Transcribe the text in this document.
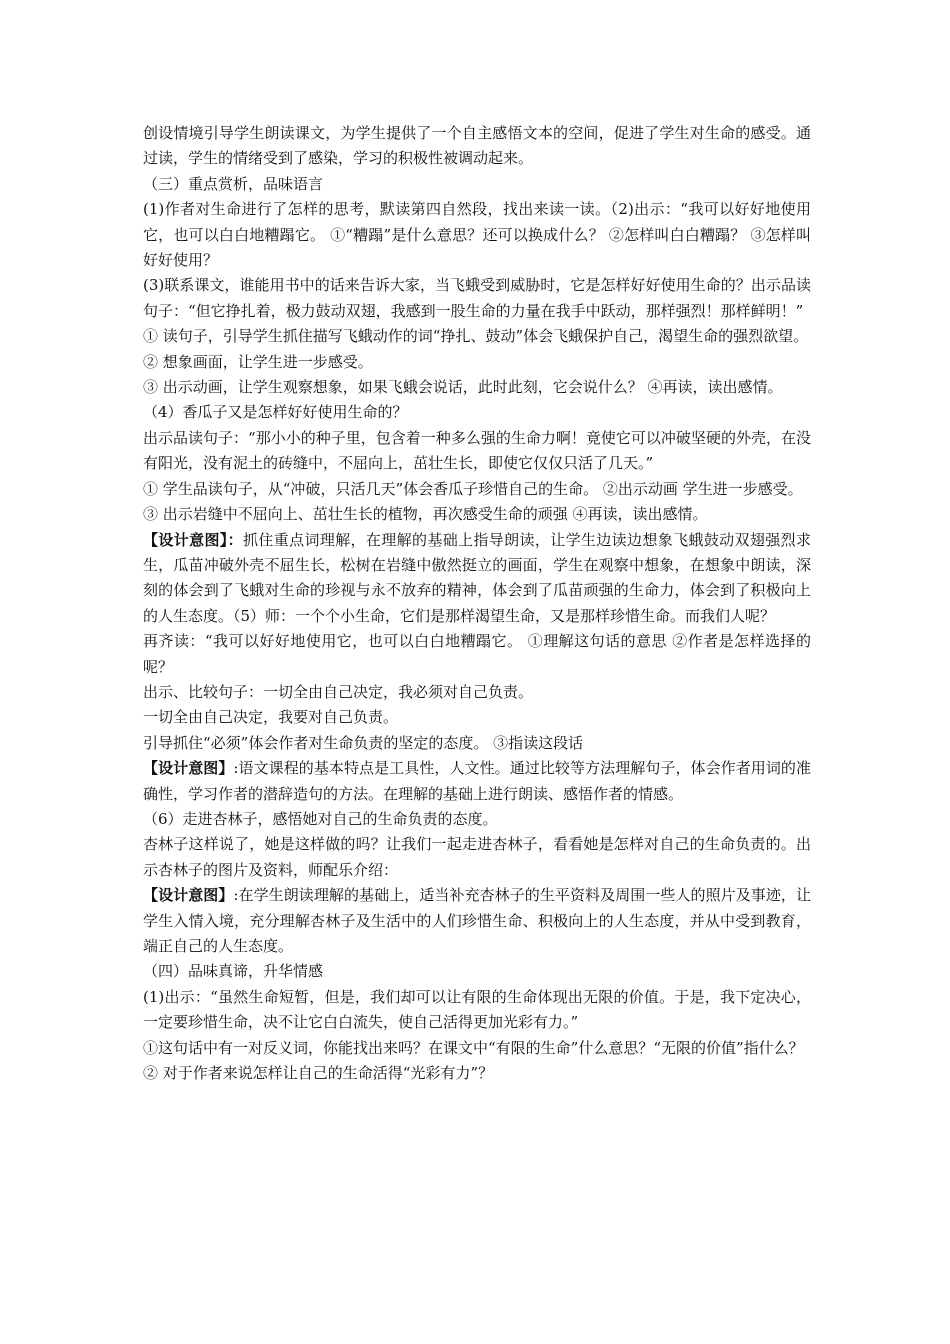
创设情境引导学生朗读课文，为学生提供了一个自主感悟文本的空间，促进了学生对生命的感受。通过读，学生的情绪受到了感染，学习的积极性被调动起来。

（三）重点赏析，品味语言

(1)作者对生命进行了怎样的思考，默读第四自然段，找出来读一读。（2)出示：“我可以好好地使用它，也可以白白地糟蹋它。 ①“糟蹋”是什么意思？还可以换成什么？ ②怎样叫白白糟蹋？ ③怎样叫好好使用？

(3)联系课文，谁能用书中的话来告诉大家，当飞蛾受到威胁时，它是怎样好好使用生命的？出示品读句子：“但它挣扎着，极力鼓动双翅，我感到一股生命的力量在我手中跃动，那样强烈！那样鲜明！”

① 读句子，引导学生抓住描写飞蛾动作的词“挣扎、鼓动”体会飞蛾保护自己，渴望生命的强烈欲望。

② 想象画面，让学生进一步感受。

③ 出示动画，让学生观察想象，如果飞蛾会说话，此时此刻，它会说什么？ ④再读，读出感情。

（4）香瓜子又是怎样好好使用生命的？

出示品读句子：“那小小的种子里，包含着一种多么强的生命力啊！竟使它可以冲破坚硬的外壳，在没有阳光，没有泥土的砖缝中，不屈向上，茁壮生长，即使它仅仅只活了几天。”

① 学生品读句子，从“冲破，只活几天”体会香瓜子珍惜自己的生命。 ②出示动画 学生进一步感受。

③ 出示岩缝中不屈向上、茁壮生长的植物，再次感受生命的顽强 ④再读，读出感情。

【设计意图】：抓住重点词理解，在理解的基础上指导朗读，让学生边读边想象飞蛾鼓动双翅强烈求生，瓜苗冲破外壳不屈生长，松树在岩缝中傲然挺立的画面，学生在观察中想象，在想象中朗读，深刻的体会到了飞蛾对生命的珍视与永不放弃的精神，体会到了瓜苗顽强的生命力，体会到了积极向上的人生态度。（5）师：一个个小生命，它们是那样渴望生命，又是那样珍惜生命。而我们人呢？

再齐读：“我可以好好地使用它，也可以白白地糟蹋它。 ①理解这句话的意思 ②作者是怎样选择的呢？

出示、比较句子：一切全由自己决定，我必须对自己负责。

一切全由自己决定，我要对自己负责。

引导抓住“必须”体会作者对生命负责的坚定的态度。 ③指读这段话

【设计意图】:语文课程的基本特点是工具性，人文性。通过比较等方法理解句子，体会作者用词的准确性，学习作者的潜辞造句的方法。在理解的基础上进行朗读、感悟作者的情感。

（6）走进杏林子，感悟她对自己的生命负责的态度。

杏林子这样说了，她是这样做的吗？让我们一起走进杏林子，看看她是怎样对自己的生命负责的。出示杏林子的图片及资料，师配乐介绍：

【设计意图】:在学生朗读理解的基础上，适当补充杏林子的生平资料及周围一些人的照片及事迹，让学生入情入境，充分理解杏林子及生活中的人们珍惜生命、积极向上的人生态度，并从中受到教育，端正自己的人生态度。

（四）品味真谛，升华情感

(1)出示：“虽然生命短暂，但是，我们却可以让有限的生命体现出无限的价值。于是，我下定决心，一定要珍惜生命，决不让它白白流失，使自己活得更加光彩有力。”

①这句话中有一对反义词，你能找出来吗？在课文中“有限的生命”什么意思？“无限的价值”指什么？

② 对于作者来说怎样让自己的生命活得“光彩有力”？
